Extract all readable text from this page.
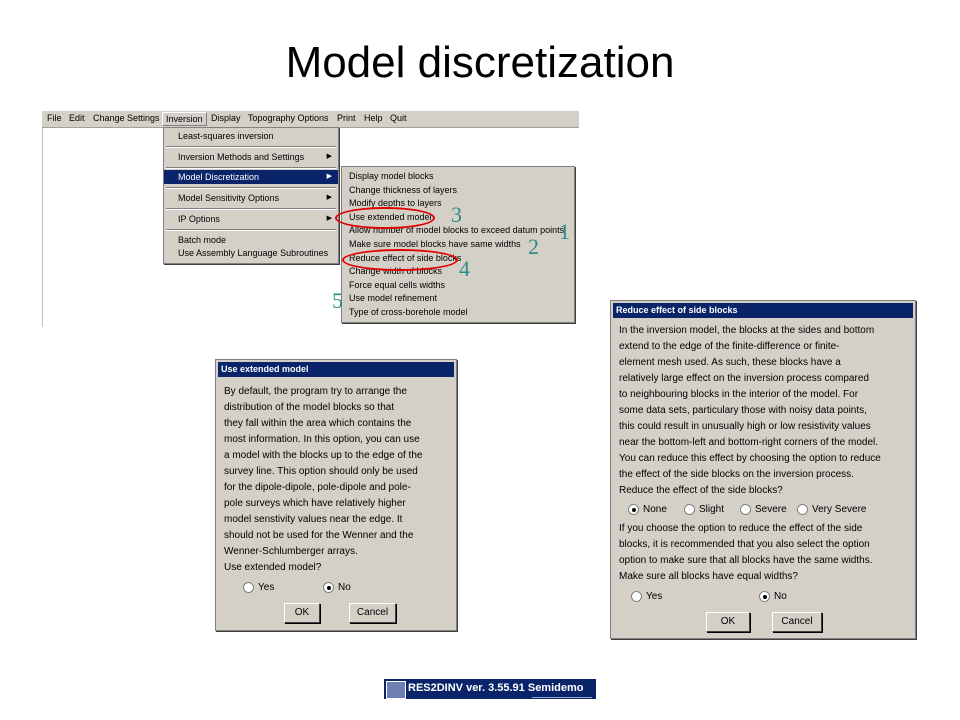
Model discretization
File Edit Change Settings Inversion Display Topography Options Print Help Quit
Least-squares inversion
Inversion Methods and Settings	▶
Model Discretization	▶
Model Sensitivity Options	▶
IP Options	▶
Batch mode
Use Assembly Language Subroutines
Display model blocks
Change thickness of layers
Modify depths to layers
Use extended model
Allow number of model blocks to exceed datum points
Make sure model blocks have same widths
Reduce effect of side blocks
Change width of blocks
Force equal cells widths
Use model refinement
Type of cross-borehole model
3
1
2
4
5
Use extended model
By default, the program try to arrange the
distribution of the model blocks so that
they fall within the area which contains the
most information. In this option, you can use
a model with the blocks up to the edge of the
survey line. This option should only be used
for the dipole-dipole, pole-dipole and pole-
pole surveys which have relatively higher
model senstivity values near the edge. It
should not be used for the Wenner and the
Wenner-Schlumberger arrays.
Use extended model?
Yes	No
OK	Cancel
Reduce effect of side blocks
In the inversion model, the blocks at the sides and bottom
extend to the edge of the finite-difference or finite-
element mesh used. As such, these blocks have a
relatively large effect on the inversion process compared
to neighbouring blocks in the interior of the model. For
some data sets, particulary those with noisy data points,
this could result in unusually high or low resistivity values
near the bottom-left and bottom-right corners of the model.
You can reduce this effect by choosing the option to reduce
the effect of the side blocks on the inversion process.
Reduce the effect of the side blocks?
None	Slight	Severe	Very Severe
If you choose the option to reduce the effect of the side
blocks, it is recommended that you also select the option
option to make sure that all blocks have the same widths.
Make sure all blocks have equal widths?
Yes	No
OK	Cancel
RES2DINV ver. 3.55.91 Semidemo
